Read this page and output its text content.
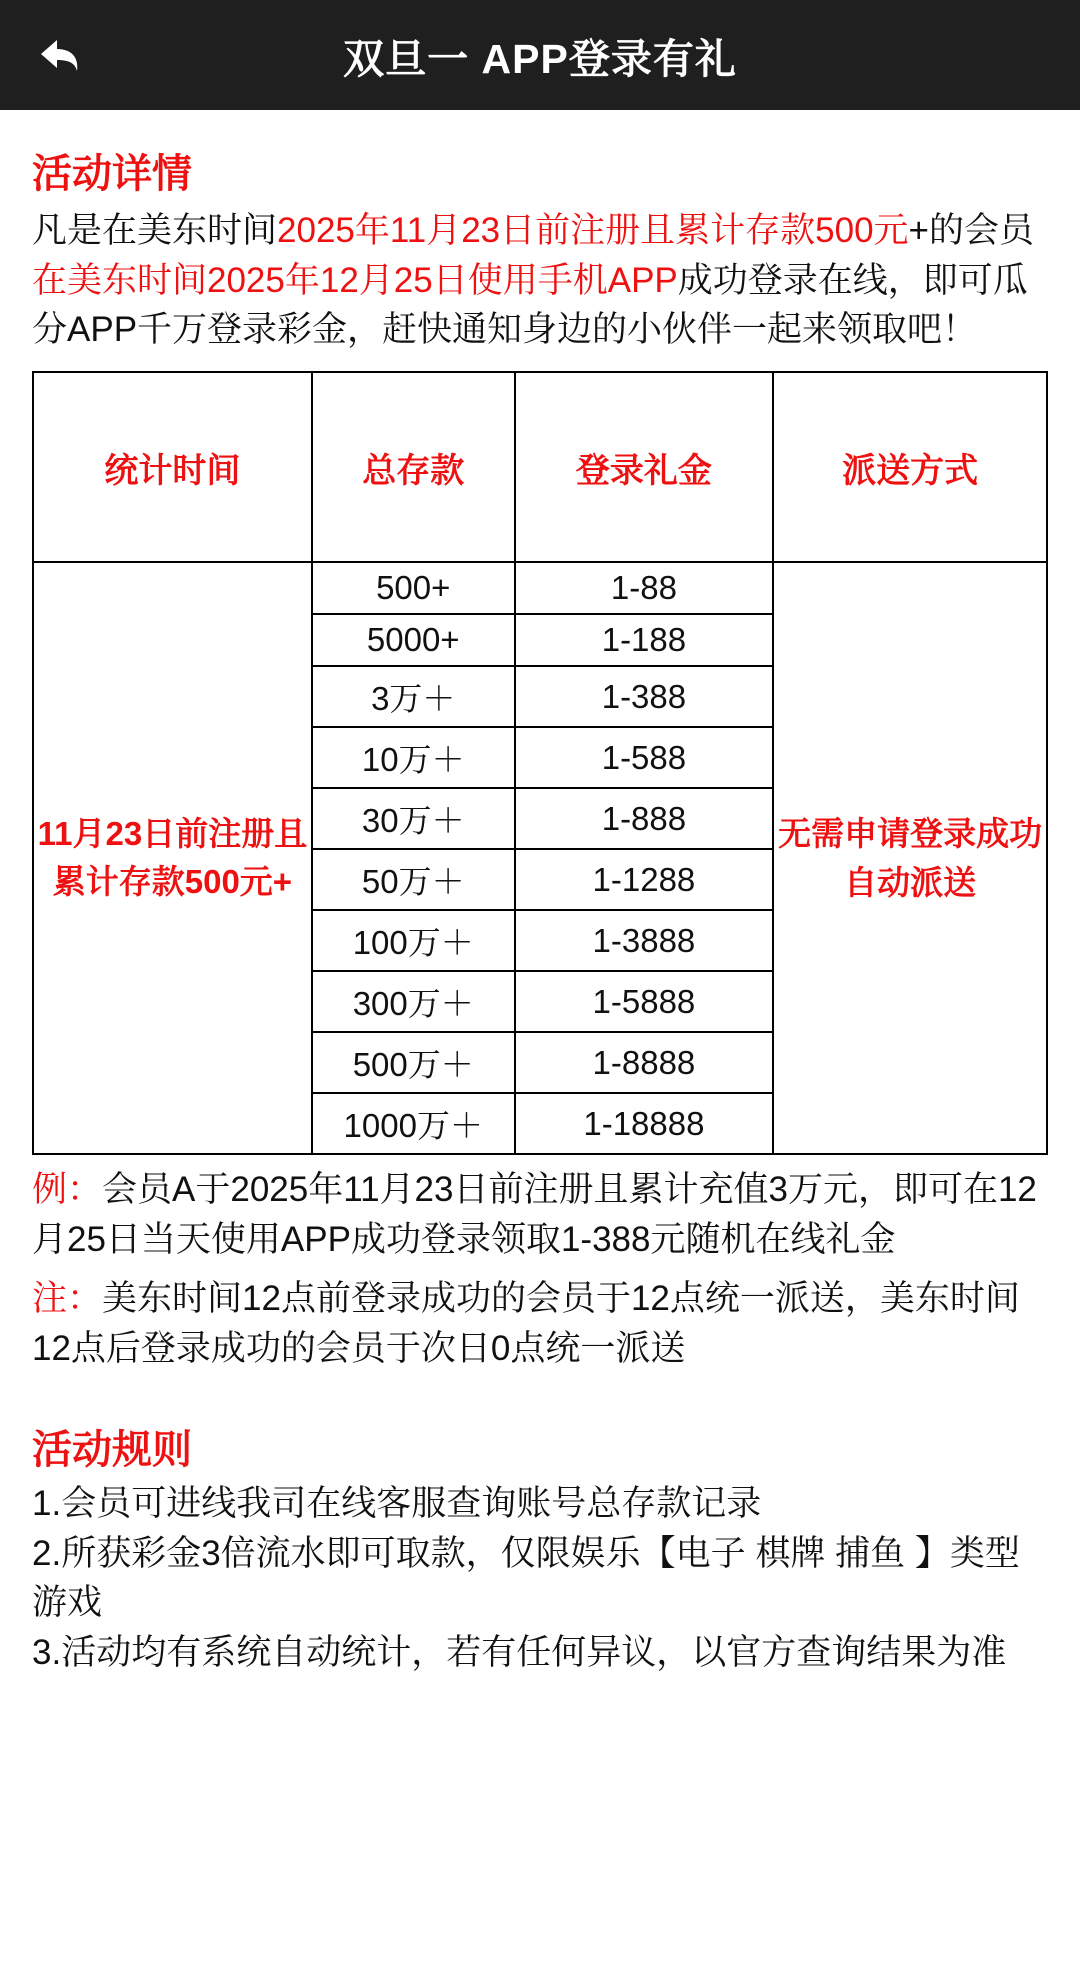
双旦一 APP登录有礼
活动详情

凡是在美东时间2025年11月23日前注册且累计存款500元+的会员在美东时间2025年12月25日使用手机APP成功登录在线，即可瓜分APP千万登录彩金，赶快通知身边的小伙伴一起来领取吧！

统计时间	总存款	登录礼金	派送方式
11月23日前注册且累计存款500元+	500+	1-88	无需申请登录成功自动派送
	5000+	1-188	
	3万＋	1-388	
	10万＋	1-588	
	30万＋	1-888	
	50万＋	1-1288	
	100万＋	1-3888	
	300万＋	1-5888	
	500万＋	1-8888	
	1000万＋	1-18888	

例：会员A于2025年11月23日前注册且累计充值3万元，即可在12月25日当天使用APP成功登录领取1-388元随机在线礼金

注：美东时间12点前登录成功的会员于12点统一派送，美东时间12点后登录成功的会员于次日0点统一派送

活动规则

1.会员可进线我司在线客服查询账号总存款记录

2.所获彩金3倍流水即可取款，仅限娱乐【电子 棋牌 捕鱼 】类型游戏

3.活动均有系统自动统计，若有任何异议，以官方查询结果为准
